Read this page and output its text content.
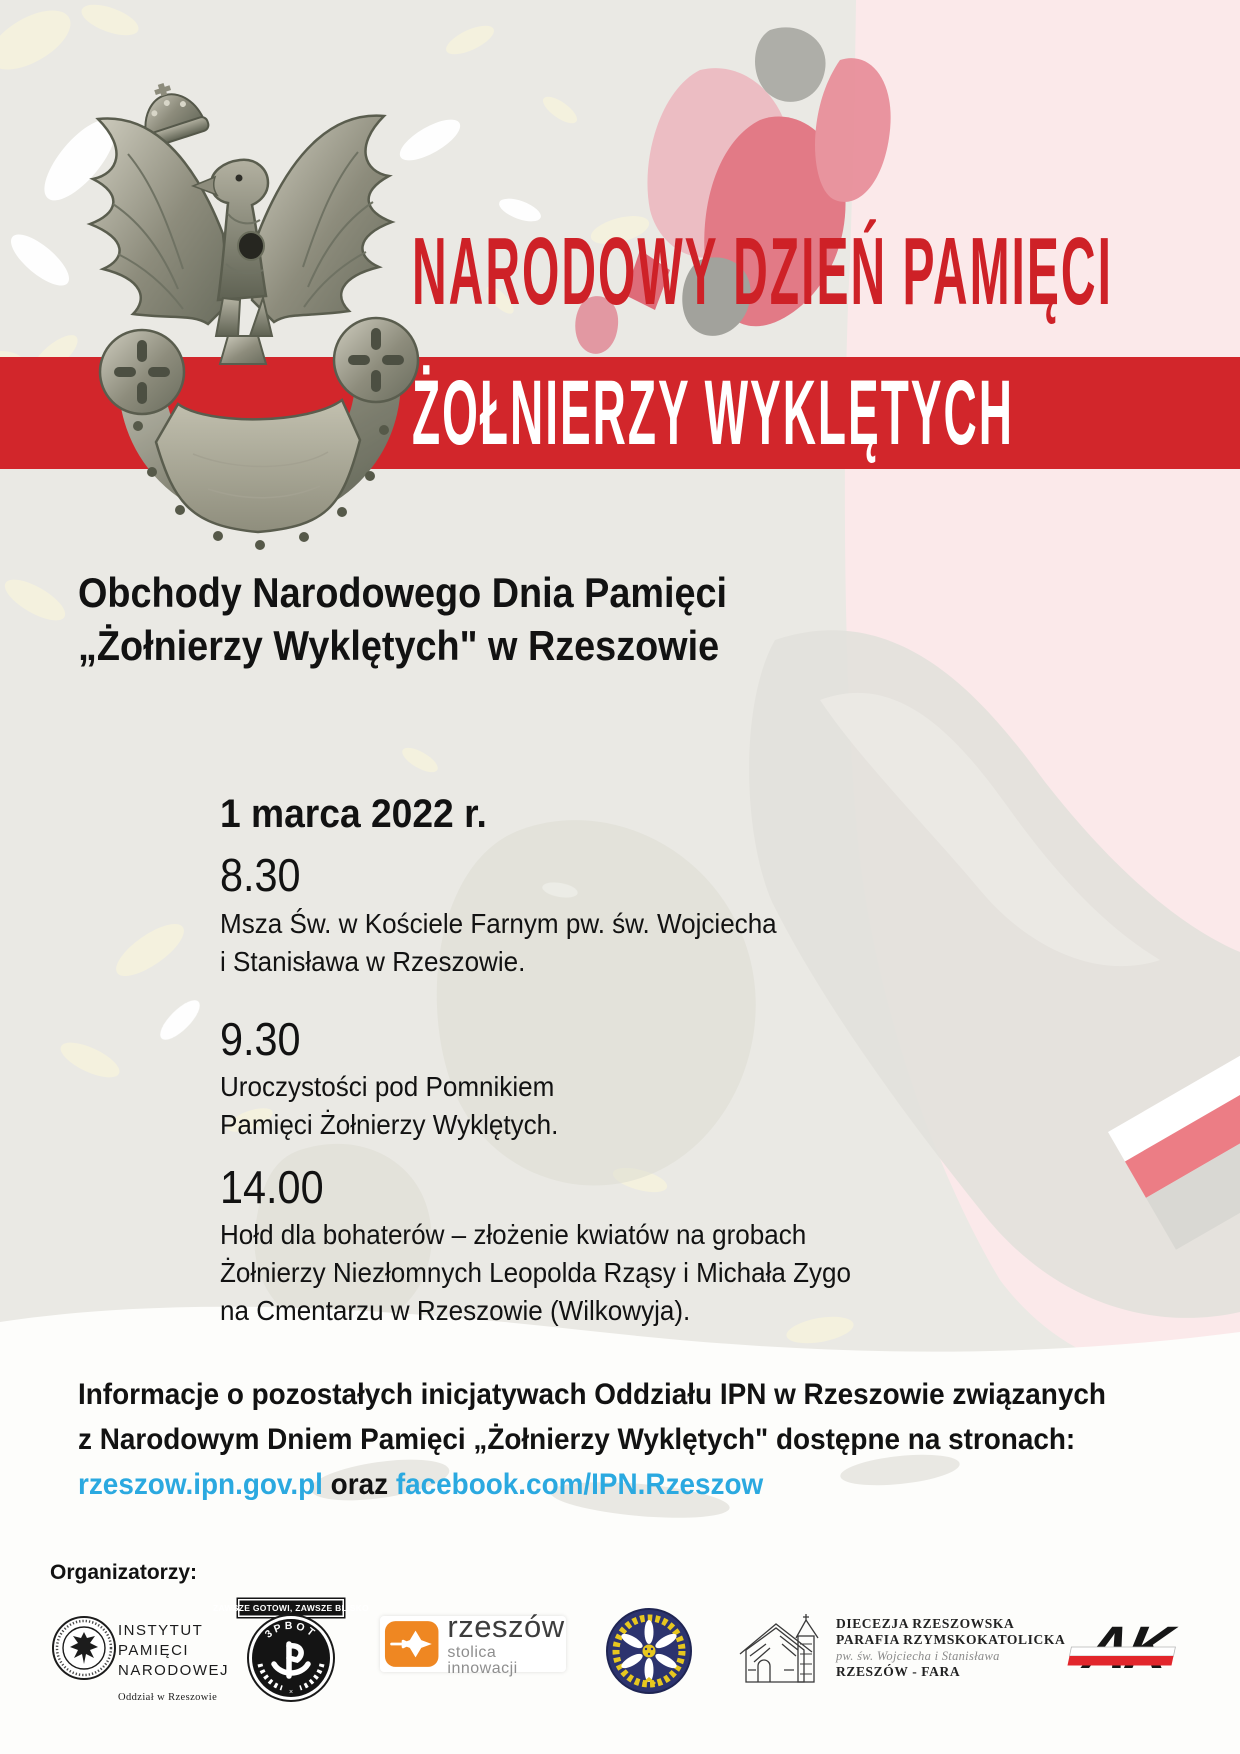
NARODOWY DZIEŃ PAMIĘCI
ŻOŁNIERZY WYKLĘTYCH
Obchody Narodowego Dnia Pamięci
„Żołnierzy Wyklętych" w Rzeszowie
1 marca 2022 r.
8.30
Msza Św. w Kościele Farnym pw. św. Wojciecha
i Stanisława w Rzeszowie.
9.30
Uroczystości pod Pomnikiem
Pamięci Żołnierzy Wyklętych.
14.00
Hołd dla bohaterów – złożenie kwiatów na grobach
Żołnierzy Niezłomnych Leopolda Rząsy i Michała Zygo
na Cmentarzu w Rzeszowie (Wilkowyja).
Informacje o pozostałych inicjatywach Oddziału IPN w Rzeszowie związanych
z Narodowym Dniem Pamięci „Żołnierzy Wyklętych" dostępne na stronach:
rzeszow.ipn.gov.pl oraz facebook.com/IPN.Rzeszow
Organizatorzy:
INSTYTUT
PAMIĘCI
NARODOWEJ
Oddział w Rzeszowie
ZAWSZE GOTOWI, ZAWSZE BLISKO
3PBOT
×
rzeszów
stolica innowacji
DIECEZJA RZESZOWSKA
PARAFIA RZYMSKOKATOLICKA
pw. św. Wojciecha i Stanisława
RZESZÓW - FARA
